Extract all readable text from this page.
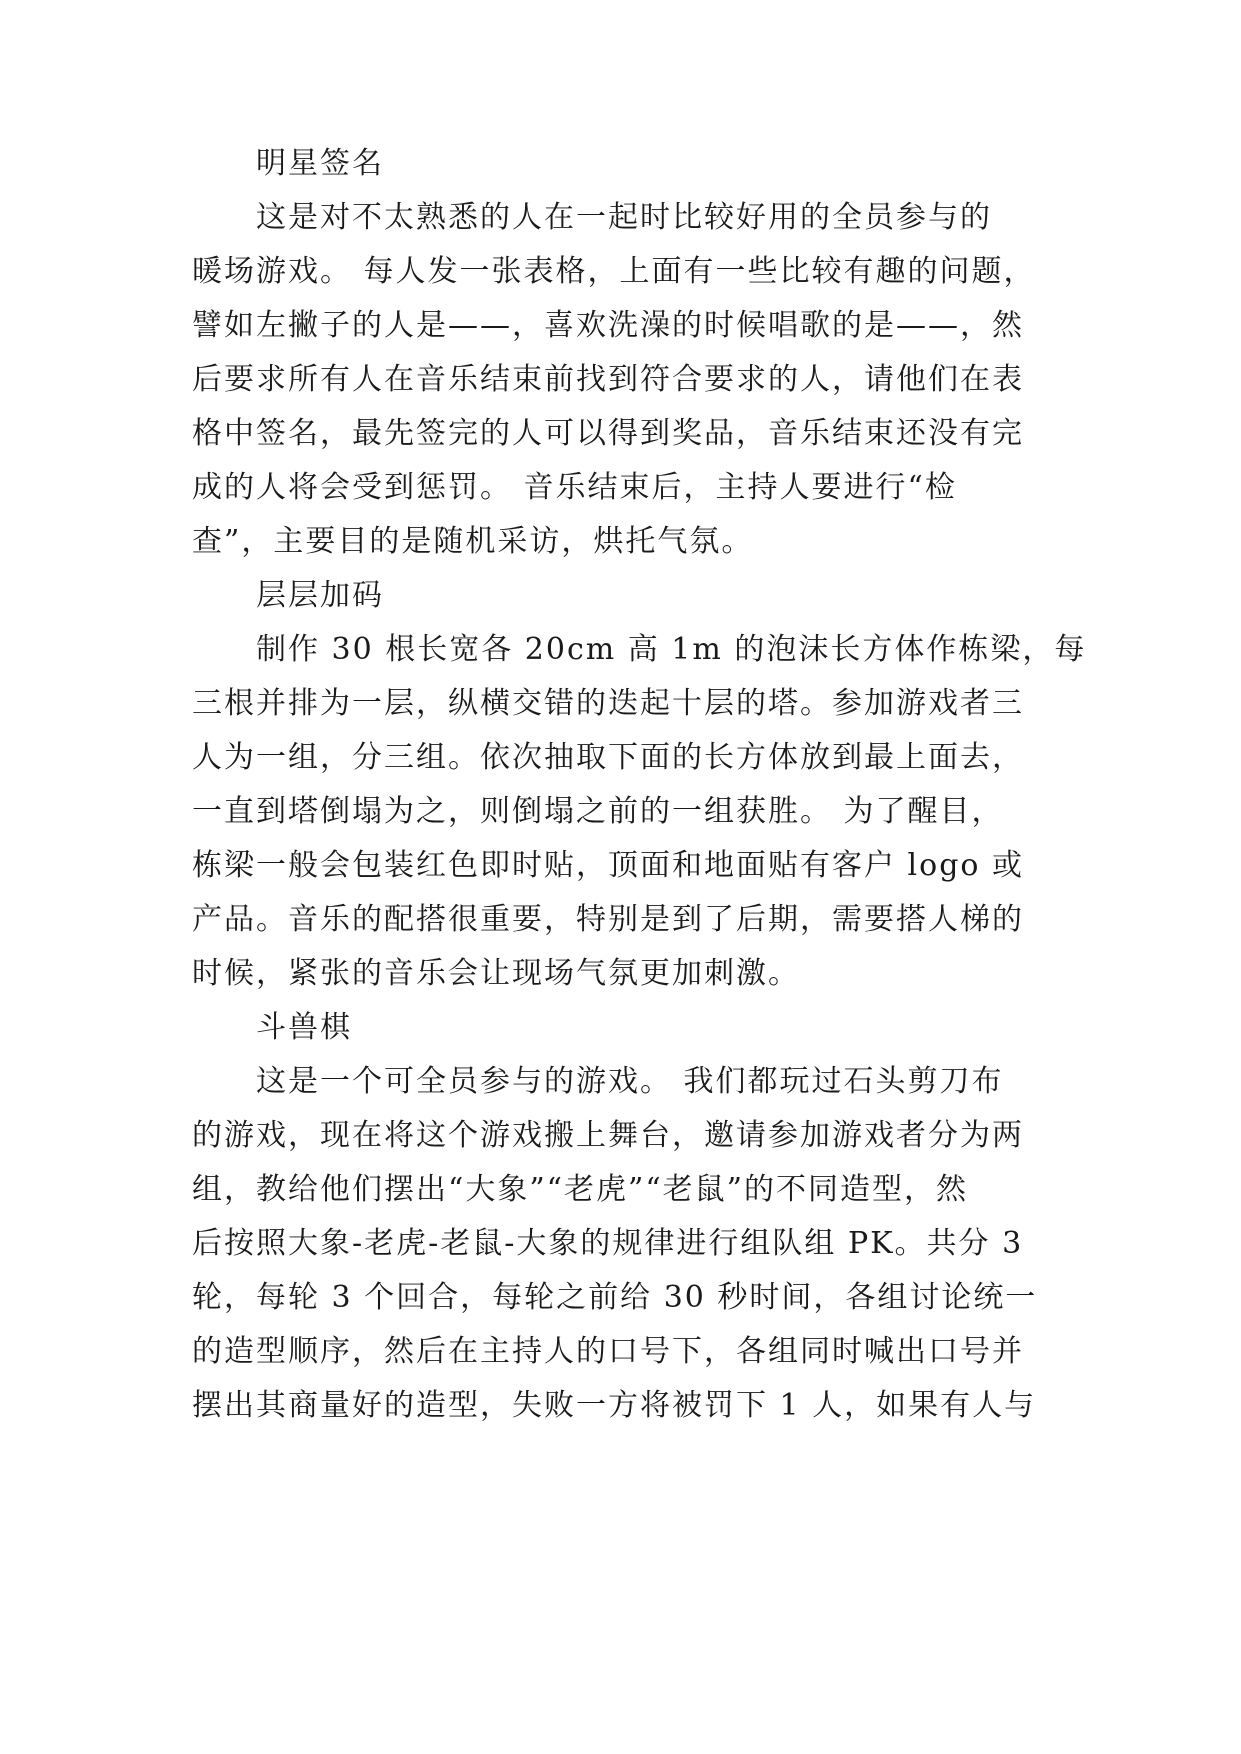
明星签名
这是对不太熟悉的人在一起时比较好用的全员参与的
暖场游戏。 每人发一张表格，上面有一些比较有趣的问题，
譬如左撇子的人是——，喜欢洗澡的时候唱歌的是——，然
后要求所有人在音乐结束前找到符合要求的人，请他们在表
格中签名，最先签完的人可以得到奖品，音乐结束还没有完
成的人将会受到惩罚。 音乐结束后，主持人要进行“检
查”，主要目的是随机采访，烘托气氛。
层层加码
制作 30 根长宽各 20cm 高 1m 的泡沫长方体作栋梁，每
三根并排为一层，纵横交错的迭起十层的塔。参加游戏者三
人为一组，分三组。依次抽取下面的长方体放到最上面去，
一直到塔倒塌为之，则倒塌之前的一组获胜。 为了醒目，
栋梁一般会包装红色即时贴，顶面和地面贴有客户 logo 或
产品。音乐的配搭很重要，特别是到了后期，需要搭人梯的
时候，紧张的音乐会让现场气氛更加刺激。
斗兽棋
这是一个可全员参与的游戏。 我们都玩过石头剪刀布
的游戏，现在将这个游戏搬上舞台，邀请参加游戏者分为两
组，教给他们摆出“大象”“老虎”“老鼠”的不同造型，然
后按照大象-老虎-老鼠-大象的规律进行组队组 PK。共分 3
轮，每轮 3 个回合，每轮之前给 30 秒时间，各组讨论统一
的造型顺序，然后在主持人的口号下，各组同时喊出口号并
摆出其商量好的造型，失败一方将被罚下 1 人，如果有人与
